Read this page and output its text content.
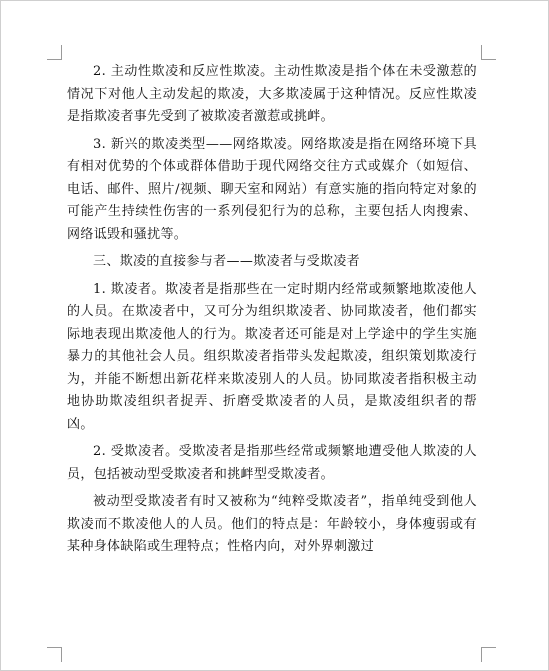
2. 主动性欺凌和反应性欺凌。主动性欺凌是指个体在未受激惹的情况下对他人主动发起的欺凌，大多欺凌属于这种情况。反应性欺凌是指欺凌者事先受到了被欺凌者激惹或挑衅。

3. 新兴的欺凌类型——网络欺凌。网络欺凌是指在网络环境下具有相对优势的个体或群体借助于现代网络交往方式或媒介（如短信、电话、邮件、照片/视频、聊天室和网站）有意实施的指向特定对象的可能产生持续性伤害的一系列侵犯行为的总称，主要包括人肉搜索、网络诋毁和骚扰等。

三、欺凌的直接参与者——欺凌者与受欺凌者

1. 欺凌者。欺凌者是指那些在一定时期内经常或频繁地欺凌他人的人员。在欺凌者中，又可分为组织欺凌者、协同欺凌者，他们都实际地表现出欺凌他人的行为。欺凌者还可能是对上学途中的学生实施暴力的其他社会人员。组织欺凌者指带头发起欺凌，组织策划欺凌行为，并能不断想出新花样来欺凌别人的人员。协同欺凌者指积极主动地协助欺凌组织者捉弄、折磨受欺凌者的人员，是欺凌组织者的帮凶。

2. 受欺凌者。受欺凌者是指那些经常或频繁地遭受他人欺凌的人员，包括被动型受欺凌者和挑衅型受欺凌者。

被动型受欺凌者有时又被称为“纯粹受欺凌者”，指单纯受到他人欺凌而不欺凌他人的人员。他们的特点是：年龄较小，身体瘦弱或有某种身体缺陷或生理特点；性格内向，对外界刺激过
